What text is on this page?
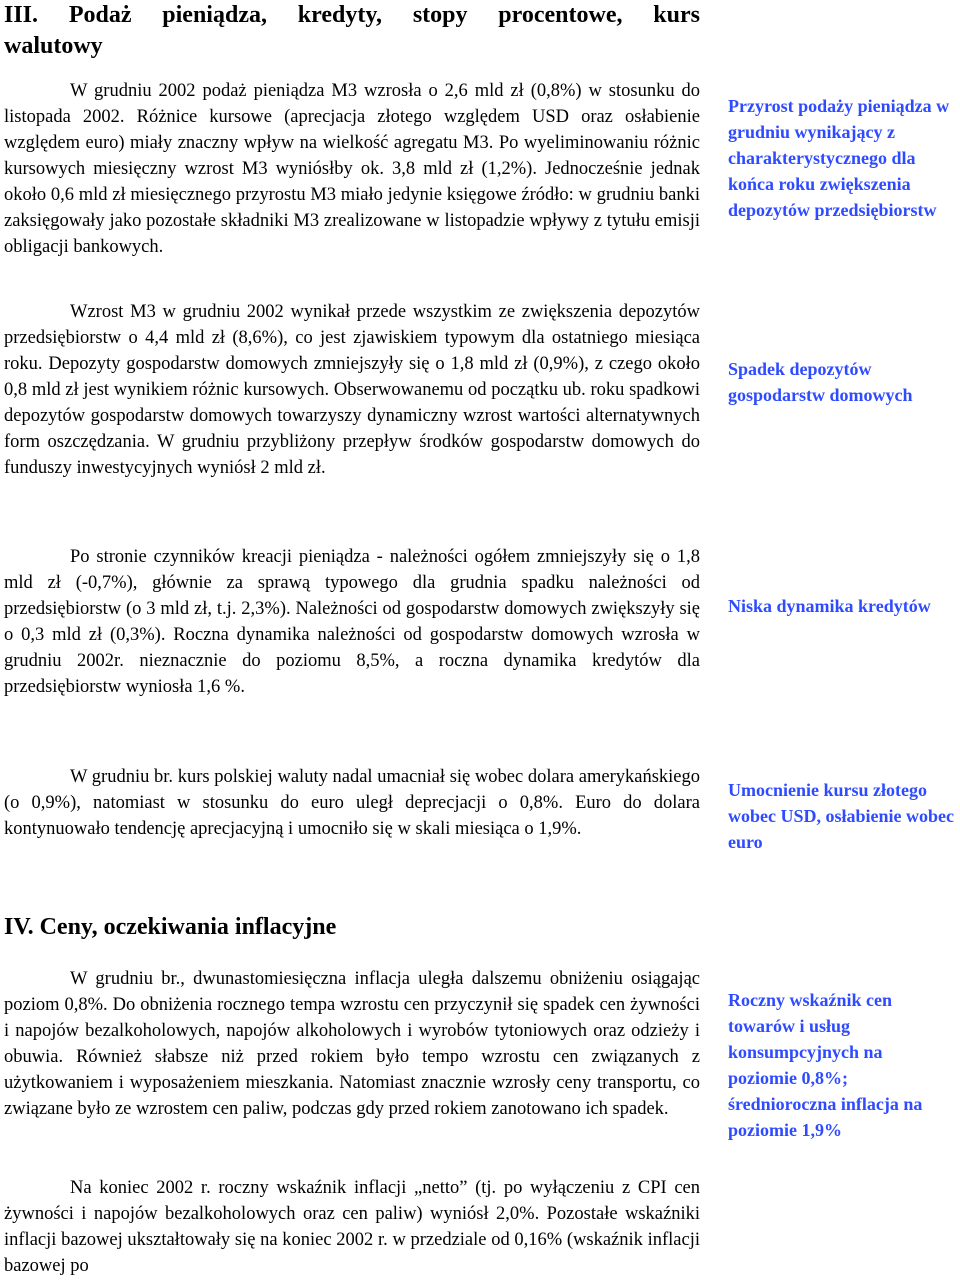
III. Podaż pieniądza, kredyty, stopy procentowe, kurs
walutowy

W grudniu 2002 podaż pieniądza M3 wzrosła o 2,6 mld zł (0,8%) w stosunku do listopada 2002. Różnice kursowe (aprecjacja złotego względem USD oraz osłabienie względem euro) miały znaczny wpływ na wielkość agregatu M3. Po wyeliminowaniu różnic kursowych miesięczny wzrost M3 wyniósłby ok. 3,8 mld zł (1,2%). Jednocześnie jednak około 0,6 mld zł miesięcznego przyrostu M3 miało jedynie księgowe źródło: w grudniu banki zaksięgowały jako pozostałe składniki M3 zrealizowane w listopadzie wpływy z tytułu emisji obligacji bankowych.

Wzrost M3 w grudniu 2002 wynikał przede wszystkim ze zwiększenia depozytów przedsiębiorstw o 4,4 mld zł (8,6%), co jest zjawiskiem typowym dla ostatniego miesiąca roku. Depozyty gospodarstw domowych zmniejszyły się o 1,8 mld zł (0,9%), z czego około 0,8 mld zł jest wynikiem różnic kursowych. Obserwowanemu od początku ub. roku spadkowi depozytów gospodarstw domowych towarzyszy dynamiczny wzrost wartości alternatywnych form oszczędzania. W grudniu przybliżony przepływ środków gospodarstw domowych do funduszy inwestycyjnych wyniósł 2 mld zł.

Po stronie czynników kreacji pieniądza - należności ogółem zmniejszyły się o 1,8 mld zł (-0,7%), głównie za sprawą typowego dla grudnia spadku należności od przedsiębiorstw (o 3 mld zł, t.j. 2,3%). Należności od gospodarstw domowych zwiększyły się o 0,3 mld zł (0,3%). Roczna dynamika należności od gospodarstw domowych wzrosła w grudniu 2002r. nieznacznie do poziomu 8,5%, a roczna dynamika kredytów dla przedsiębiorstw wyniosła 1,6 %.

W grudniu br. kurs polskiej waluty nadal umacniał się wobec dolara amerykańskiego (o 0,9%), natomiast w stosunku do euro uległ deprecjacji o 0,8%. Euro do dolara kontynuowało tendencję aprecjacyjną i umocniło się w skali miesiąca o 1,9%.

Przyrost podaży pieniądza w grudniu wynikający z charakterystycznego dla końca roku zwiększenia depozytów przedsiębiorstw
Spadek depozytów gospodarstw domowych
Niska dynamika kredytów
Umocnienie kursu złotego wobec USD, osłabienie wobec euro
IV. Ceny, oczekiwania inflacyjne

W grudniu br., dwunastomiesięczna inflacja uległa dalszemu obniżeniu osiągając poziom 0,8%. Do obniżenia rocznego tempa wzrostu cen przyczynił się spadek cen żywności i napojów bezalkoholowych, napojów alkoholowych i wyrobów tytoniowych oraz odzieży i obuwia. Również słabsze niż przed rokiem było tempo wzrostu cen związanych z użytkowaniem i wyposażeniem mieszkania. Natomiast znacznie wzrosły ceny transportu, co związane było ze wzrostem cen paliw, podczas gdy przed rokiem zanotowano ich spadek.

Na koniec 2002 r. roczny wskaźnik inflacji „netto” (tj. po wyłączeniu z CPI cen żywności i napojów bezalkoholowych oraz cen paliw) wyniósł 2,0%. Pozostałe wskaźniki inflacji bazowej ukształtowały się na koniec 2002 r. w przedziale od 0,16% (wskaźnik inflacji bazowej po

Roczny wskaźnik cen towarów i usług konsumpcyjnych na poziomie 0,8%; średnioroczna inflacja na poziomie 1,9%
